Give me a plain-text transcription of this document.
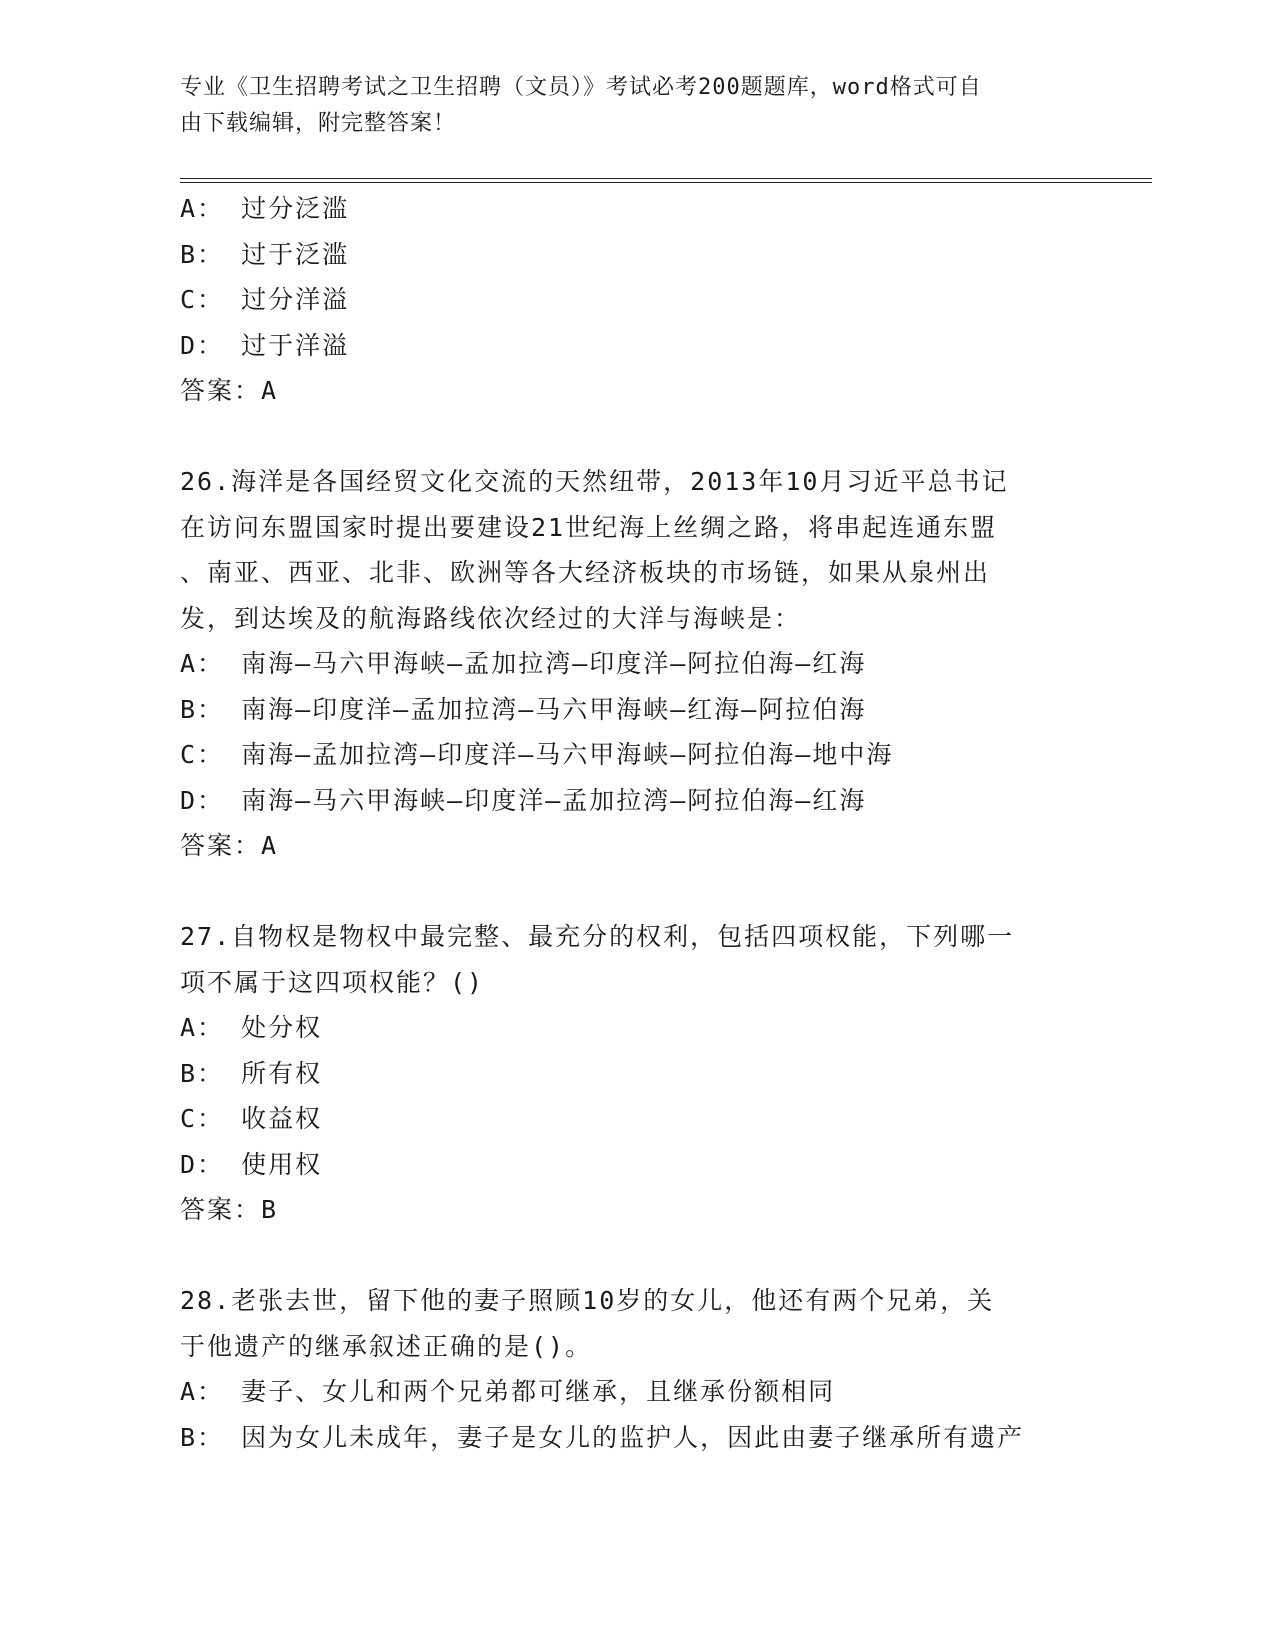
专业《卫生招聘考试之卫生招聘（文员）》考试必考200题题库，word格式可自
由下载编辑，附完整答案！
A： 过分泛滥
B： 过于泛滥
C： 过分洋溢
D： 过于洋溢
答案：A
26.海洋是各国经贸文化交流的天然纽带，2013年10月习近平总书记
在访问东盟国家时提出要建设21世纪海上丝绸之路，将串起连通东盟
、南亚、西亚、北非、欧洲等各大经济板块的市场链，如果从泉州出
发，到达埃及的航海路线依次经过的大洋与海峡是：
A： 南海—马六甲海峡—孟加拉湾—印度洋—阿拉伯海—红海
B： 南海—印度洋—孟加拉湾—马六甲海峡—红海—阿拉伯海
C： 南海—孟加拉湾—印度洋—马六甲海峡—阿拉伯海—地中海
D： 南海—马六甲海峡—印度洋—孟加拉湾—阿拉伯海—红海
答案：A
27.自物权是物权中最完整、最充分的权利，包括四项权能，下列哪一
项不属于这四项权能？()
A： 处分权
B： 所有权
C： 收益权
D： 使用权
答案：B
28.老张去世，留下他的妻子照顾10岁的女儿，他还有两个兄弟，关
于他遗产的继承叙述正确的是()。
A： 妻子、女儿和两个兄弟都可继承，且继承份额相同
B： 因为女儿未成年，妻子是女儿的监护人，因此由妻子继承所有遗产
